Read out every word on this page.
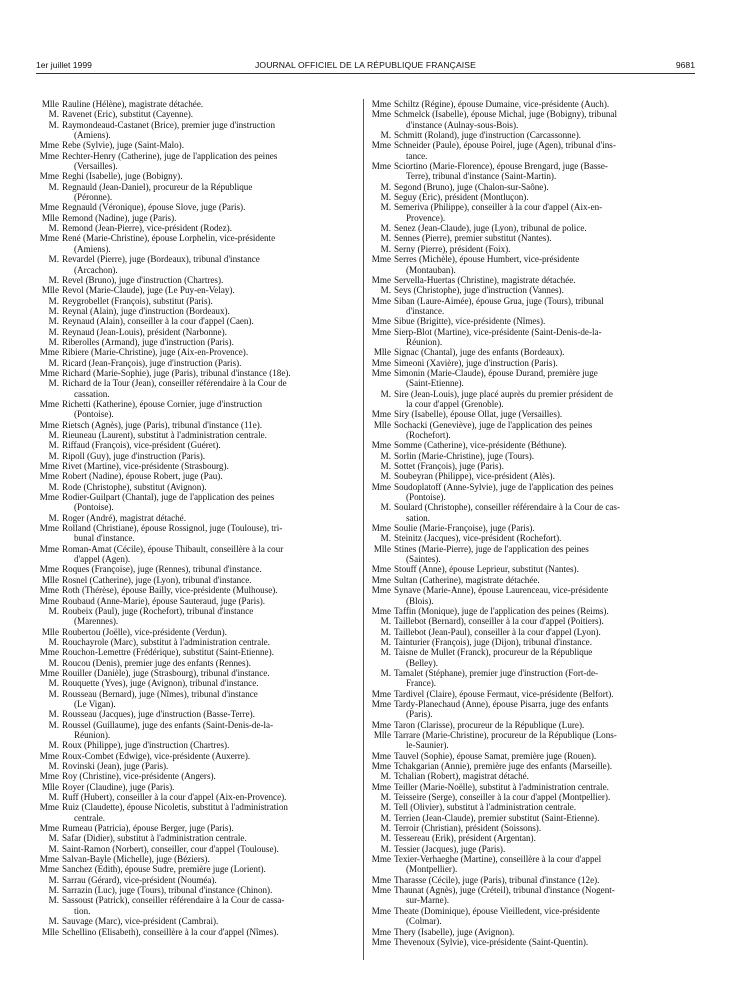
1er juillet 1999	JOURNAL OFFICIEL DE LA RÉPUBLIQUE FRANÇAISE	9681
Mlle Rauline (Hélène), magistrate détachée.
M. Ravenet (Eric), substitut (Cayenne).
M. Raymondeaud-Castanet (Brice), premier juge d'instruction
(Amiens).
Mme Rebe (Sylvie), juge (Saint-Malo).
Mme Rechter-Henry (Catherine), juge de l'application des peines
(Versailles).
Mme Reghi (Isabelle), juge (Bobigny).
M. Regnauld (Jean-Daniel), procureur de la République
(Péronne).
Mme Regnauld (Véronique), épouse Slove, juge (Paris).
Mlle Remond (Nadine), juge (Paris).
M. Remond (Jean-Pierre), vice-président (Rodez).
Mme René (Marie-Christine), épouse Lorphelin, vice-présidente
(Amiens).
M. Revardel (Pierre), juge (Bordeaux), tribunal d'instance
(Arcachon).
M. Revel (Bruno), juge d'instruction (Chartres).
Mlle Revol (Marie-Claude), juge (Le Puy-en-Velay).
M. Reygrobellet (François), substitut (Paris).
M. Reynal (Alain), juge d'instruction (Bordeaux).
M. Reynaud (Alain), conseiller à la cour d'appel (Caen).
M. Reynaud (Jean-Louis), président (Narbonne).
M. Riberolles (Armand), juge d'instruction (Paris).
Mme Ribiere (Marie-Christine), juge (Aix-en-Provence).
M. Ricard (Jean-François), juge d'instruction (Paris).
Mme Richard (Marie-Sophie), juge (Paris), tribunal d'instance (18e).
M. Richard de la Tour (Jean), conseiller référendaire à la Cour de
cassation.
Mme Richetti (Katherine), épouse Cornier, juge d'instruction
(Pontoise).
Mme Rietsch (Agnès), juge (Paris), tribunal d'instance (11e).
M. Rieuneau (Laurent), substitut à l'administration centrale.
M. Riffaud (François), vice-président (Guéret).
M. Ripoll (Guy), juge d'instruction (Paris).
Mme Rivet (Martine), vice-présidente (Strasbourg).
Mme Robert (Nadine), épouse Robert, juge (Pau).
M. Rode (Christophe), substitut (Avignon).
Mme Rodier-Guilpart (Chantal), juge de l'application des peines
(Pontoise).
M. Roger (André), magistrat détaché.
Mme Rolland (Christiane), épouse Rossignol, juge (Toulouse), tri-
bunal d'instance.
Mme Roman-Amat (Cécile), épouse Thibault, conseillère à la cour
d'appel (Agen).
Mme Roques (Françoise), juge (Rennes), tribunal d'instance.
Mlle Rosnel (Catherine), juge (Lyon), tribunal d'instance.
Mme Roth (Thérèse), épouse Bailly, vice-présidente (Mulhouse).
Mme Roubaud (Anne-Marie), épouse Sauteraud, juge (Paris).
M. Roubeix (Paul), juge (Rochefort), tribunal d'instance
(Marennes).
Mlle Roubertou (Joëlle), vice-présidente (Verdun).
M. Rouchayrole (Marc), substitut à l'administration centrale.
Mme Rouchon-Lemettre (Frédérique), substitut (Saint-Etienne).
M. Roucou (Denis), premier juge des enfants (Rennes).
Mme Rouiller (Danièle), juge (Strasbourg), tribunal d'instance.
M. Rouquette (Yves), juge (Avignon), tribunal d'instance.
M. Rousseau (Bernard), juge (Nîmes), tribunal d'instance
(Le Vigan).
M. Rousseau (Jacques), juge d'instruction (Basse-Terre).
M. Roussel (Guillaume), juge des enfants (Saint-Denis-de-la-
Réunion).
M. Roux (Philippe), juge d'instruction (Chartres).
Mme Roux-Combet (Edwige), vice-présidente (Auxerre).
M. Rovinski (Jean), juge (Paris).
Mme Roy (Christine), vice-présidente (Angers).
Mlle Royer (Claudine), juge (Paris).
M. Ruff (Hubert), conseiller à la cour d'appel (Aix-en-Provence).
Mme Ruiz (Claudette), épouse Nicoletis, substitut à l'administration
centrale.
Mme Rumeau (Patricia), épouse Berger, juge (Paris).
M. Safar (Didier), substitut à l'administration centrale.
M. Saint-Ramon (Norbert), conseiller, cour d'appel (Toulouse).
Mme Salvan-Bayle (Michelle), juge (Béziers).
Mme Sanchez (Edith), épouse Sudre, première juge (Lorient).
M. Sarrau (Gérard), vice-président (Nouméa).
M. Sarrazin (Luc), juge (Tours), tribunal d'instance (Chinon).
M. Sassoust (Patrick), conseiller référendaire à la Cour de cassa-
tion.
M. Sauvage (Marc), vice-président (Cambrai).
Mlle Schellino (Elisabeth), conseillère à la cour d'appel (Nîmes).
Mme Schiltz (Régine), épouse Dumaine, vice-présidente (Auch).
Mme Schmelck (Isabelle), épouse Michal, juge (Bobigny), tribunal
d'instance (Aulnay-sous-Bois).
M. Schmitt (Roland), juge d'instruction (Carcassonne).
Mme Schneider (Paule), épouse Poirel, juge (Agen), tribunal d'ins-
tance.
Mme Sciortino (Marie-Florence), épouse Brengard, juge (Basse-
Terre), tribunal d'instance (Saint-Martin).
M. Segond (Bruno), juge (Chalon-sur-Saône).
M. Seguy (Eric), président (Montluçon).
M. Semeriva (Philippe), conseiller à la cour d'appel (Aix-en-
Provence).
M. Senez (Jean-Claude), juge (Lyon), tribunal de police.
M. Sennes (Pierre), premier substitut (Nantes).
M. Serny (Pierre), président (Foix).
Mme Serres (Michèle), épouse Humbert, vice-présidente
(Montauban).
Mme Servella-Huertas (Christine), magistrate détachée.
M. Seys (Christophe), juge d'instruction (Vannes).
Mme Siban (Laure-Aimée), épouse Grua, juge (Tours), tribunal
d'instance.
Mme Sibue (Brigitte), vice-présidente (Nîmes).
Mme Sierp-Blot (Martine), vice-présidente (Saint-Denis-de-la-
Réunion).
Mlle Signac (Chantal), juge des enfants (Bordeaux).
Mme Simeoni (Xavière), juge d'instruction (Paris).
Mme Simonin (Marie-Claude), épouse Durand, première juge
(Saint-Etienne).
M. Sire (Jean-Louis), juge placé auprès du premier président de
la cour d'appel (Grenoble).
Mme Siry (Isabelle), épouse Ollat, juge (Versailles).
Mlle Sochacki (Geneviève), juge de l'application des peines
(Rochefort).
Mme Somme (Catherine), vice-présidente (Béthune).
M. Sorlin (Marie-Christine), juge (Tours).
M. Sottet (François), juge (Paris).
M. Soubeyran (Philippe), vice-président (Alès).
Mme Soudoplatoff (Anne-Sylvie), juge de l'application des peines
(Pontoise).
M. Soulard (Christophe), conseiller référendaire à la Cour de cas-
sation.
Mme Soulie (Marie-Françoise), juge (Paris).
M. Steinitz (Jacques), vice-président (Rochefort).
Mlle Stines (Marie-Pierre), juge de l'application des peines
(Saintes).
Mme Stouff (Anne), épouse Leprieur, substitut (Nantes).
Mme Sultan (Catherine), magistrate détachée.
Mme Synave (Marie-Anne), épouse Laurenceau, vice-présidente
(Blois).
Mme Taffin (Monique), juge de l'application des peines (Reims).
M. Taillebot (Bernard), conseiller à la cour d'appel (Poitiers).
M. Taillebot (Jean-Paul), conseiller à la cour d'appel (Lyon).
M. Tainturier (François), juge (Dijon), tribunal d'instance.
M. Taisne de Mullet (Franck), procureur de la République
(Belley).
M. Tamalet (Stéphane), premier juge d'instruction (Fort-de-
France).
Mme Tardivel (Claire), épouse Fermaut, vice-présidente (Belfort).
Mme Tardy-Planechaud (Anne), épouse Pisarra, juge des enfants
(Paris).
Mme Taron (Clarisse), procureur de la République (Lure).
Mlle Tarrare (Marie-Christine), procureur de la République (Lons-
le-Saunier).
Mme Tauvel (Sophie), épouse Samat, première juge (Rouen).
Mme Tchakgarian (Annie), première juge des enfants (Marseille).
M. Tchalian (Robert), magistrat détaché.
Mme Teiller (Marie-Noëlle), substitut à l'administration centrale.
M. Teisseire (Serge), conseiller à la cour d'appel (Montpellier).
M. Tell (Olivier), substitut à l'administration centrale.
M. Terrien (Jean-Claude), premier substitut (Saint-Etienne).
M. Terroir (Christian), président (Soissons).
M. Tessereau (Erik), président (Argentan).
M. Tessier (Jacques), juge (Paris).
Mme Texier-Verhaeghe (Martine), conseillère à la cour d'appel
(Montpellier).
Mme Tharasse (Cécile), juge (Paris), tribunal d'instance (12e).
Mme Thaunat (Agnès), juge (Créteil), tribunal d'instance (Nogent-
sur-Marne).
Mme Theate (Dominique), épouse Vieilledent, vice-présidente
(Colmar).
Mme Thery (Isabelle), juge (Avignon).
Mme Thevenoux (Sylvie), vice-présidente (Saint-Quentin).
